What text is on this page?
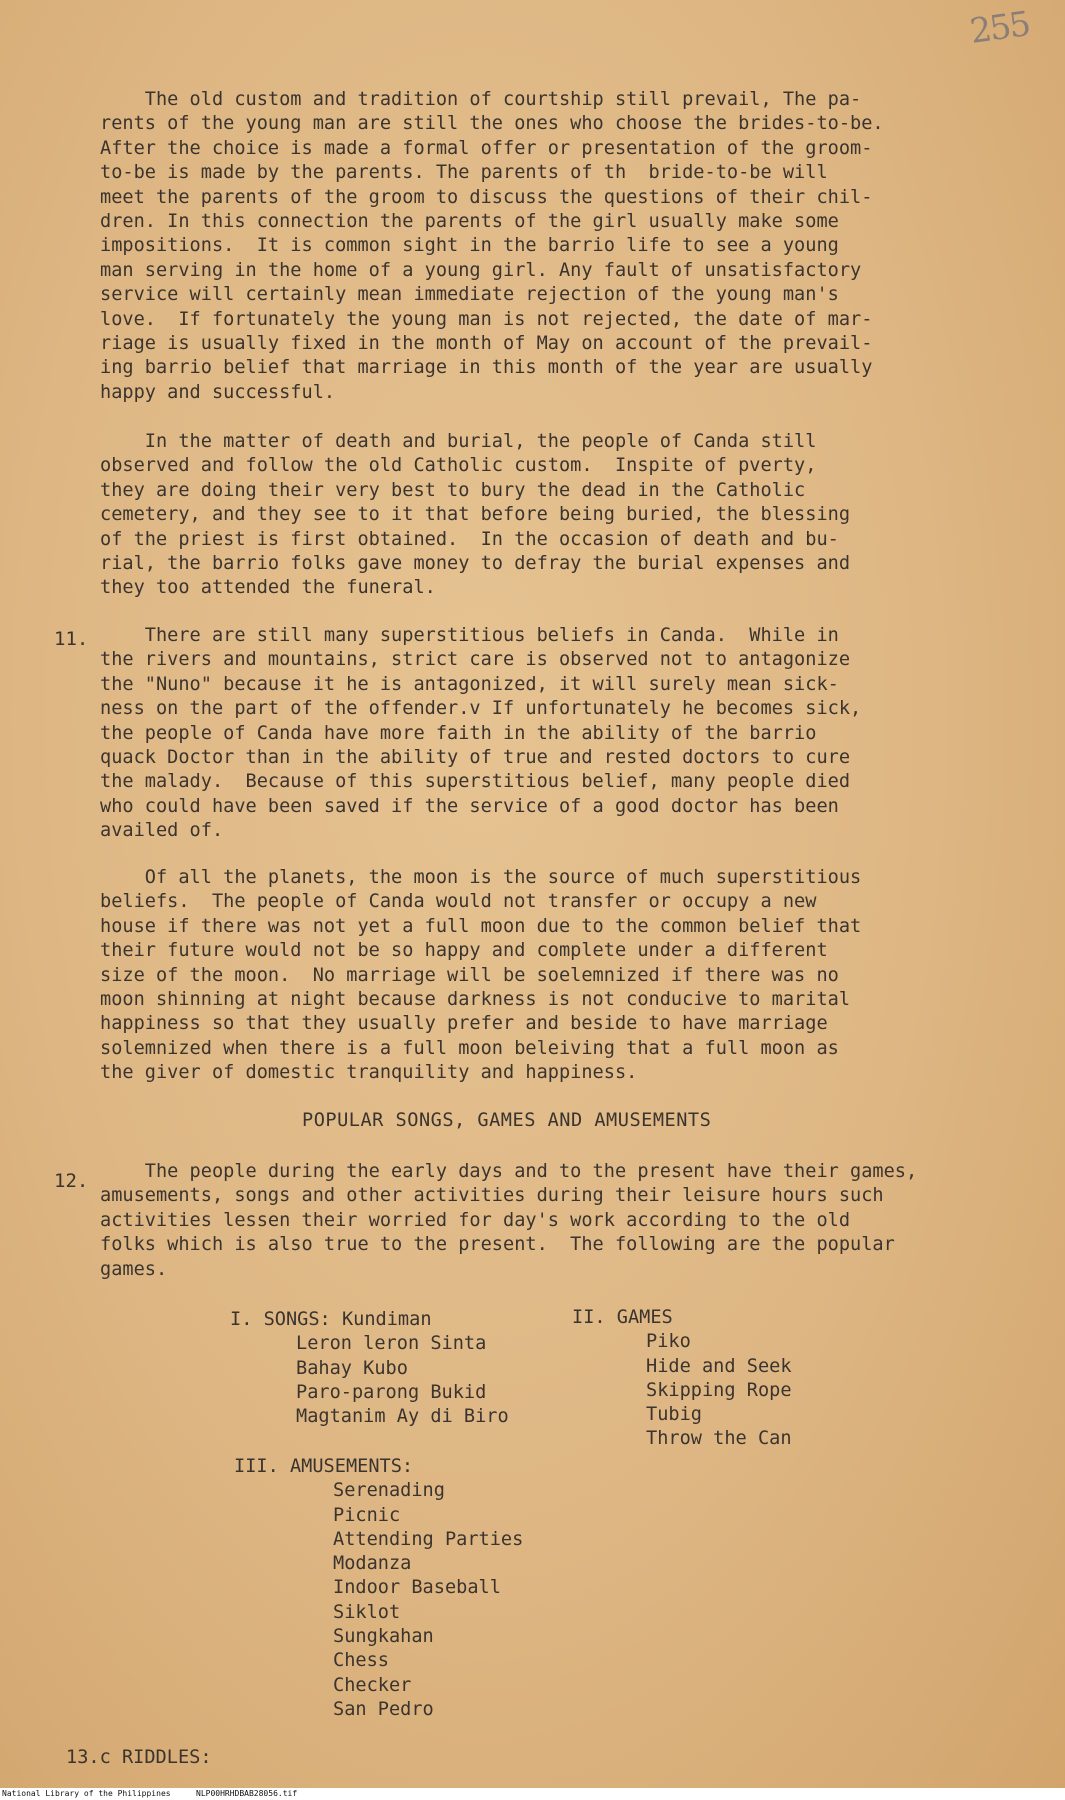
255
The old custom and tradition of courtship still prevail, The pa-
rents of the young man are still the ones who choose the brides-to-be.
After the choice is made a formal offer or presentation of the groom-
to-be is made by the parents. The parents of th  bride-to-be will
meet the parents of the groom to discuss the questions of their chil-
dren. In this connection the parents of the girl usually make some
impositions.  It is common sight in the barrio life to see a young
man serving in the home of a young girl. Any fault of unsatisfactory
service will certainly mean immediate rejection of the young man's
love.  If fortunately the young man is not rejected, the date of mar-
riage is usually fixed in the month of May on account of the prevail-
ing barrio belief that marriage in this month of the year are usually
happy and successful.
In the matter of death and burial, the people of Canda still
observed and follow the old Catholic custom.  Inspite of pverty,
they are doing their very best to bury the dead in the Catholic
cemetery, and they see to it that before being buried, the blessing
of the priest is first obtained.  In the occasion of death and bu-
rial, the barrio folks gave money to defray the burial expenses and
they too attended the funeral.
11. There are still many superstitious beliefs in Canda.  While in
the rivers and mountains, strict care is observed not to antagonize
the "Nuno" because it he is antagonized, it will surely mean sick-
ness on the part of the offender.v If unfortunately he becomes sick,
the people of Canda have more faith in the ability of the barrio
quack Doctor than in the ability of true and rested doctors to cure
the malady.  Because of this superstitious belief, many people died
who could have been saved if the service of a good doctor has been
availed of.
Of all the planets, the moon is the source of much superstitious
beliefs.  The people of Canda would not transfer or occupy a new
house if there was not yet a full moon due to the common belief that
their future would not be so happy and complete under a different
size of the moon.  No marriage will be soelemnized if there was no
moon shinning at night because darkness is not conducive to marital
happiness so that they usually prefer and beside to have marriage
solemnized when there is a full moon beleiving that a full moon as
the giver of domestic tranquility and happiness.
POPULAR SONGS, GAMES AND AMUSEMENTS
12. The people during the early days and to the present have their games,
amusements, songs and other activities during their leisure hours such
activities lessen their worried for day's work according to the old
folks which is also true to the present.  The following are the popular
games.
I. SONGS: Kundiman
Leron leron Sinta
Bahay Kubo
Paro-parong Bukid
Magtanim Ay di Biro
II. GAMES
Piko
Hide and Seek
Skipping Rope
Tubig
Throw the Can
III. AMUSEMENTS:
Serenading
Picnic
Attending Parties
Modanza
Indoor Baseball
Siklot
Sungkahan
Chess
Checker
San Pedro
13.c RIDDLES:
National Library of the Philippines	NLP00HRHDBAB28056.tif
